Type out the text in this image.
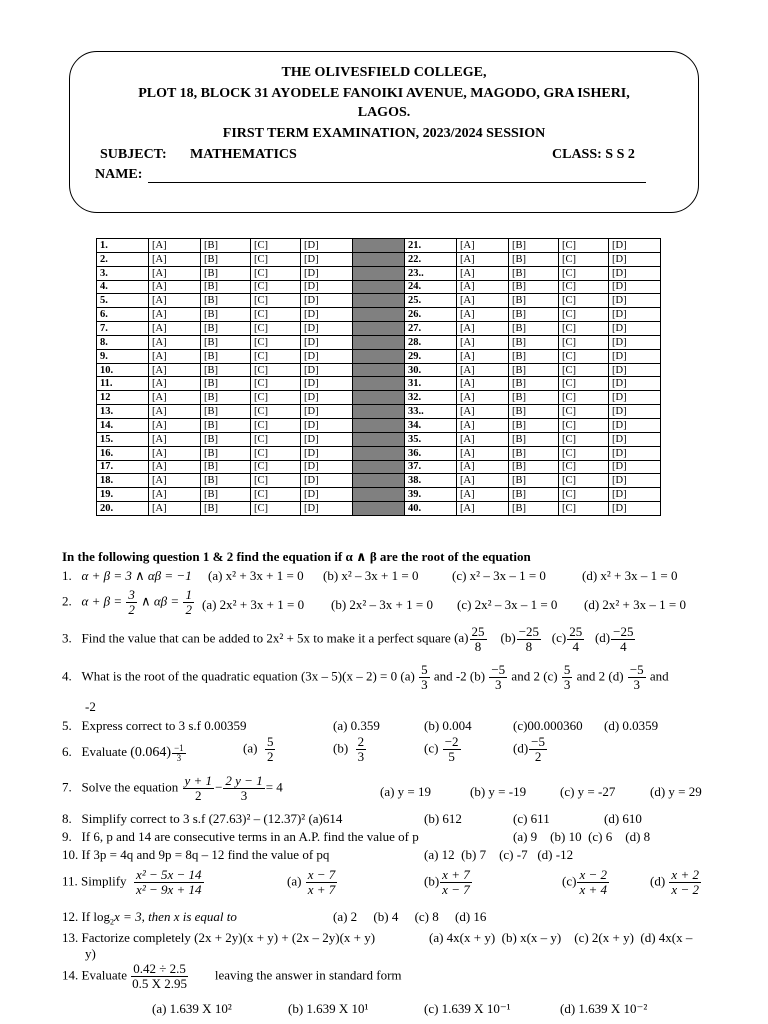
THE OLIVESFIELD COLLEGE,
PLOT 18, BLOCK 31 AYODELE FANOIKI AVENUE, MAGODO, GRA ISHERI,
LAGOS.
FIRST TERM EXAMINATION, 2023/2024 SESSION
SUBJECT: MATHEMATICS	CLASS: S S 2
NAME:
1.	[A]	[B]	[C]	[D]		21.	[A]	[B]	[C]	[D]
2.	[A]	[B]	[C]	[D]		22.	[A]	[B]	[C]	[D]
3.	[A]	[B]	[C]	[D]		23..	[A]	[B]	[C]	[D]
4.	[A]	[B]	[C]	[D]		24.	[A]	[B]	[C]	[D]
5.	[A]	[B]	[C]	[D]		25.	[A]	[B]	[C]	[D]
6.	[A]	[B]	[C]	[D]		26.	[A]	[B]	[C]	[D]
7.	[A]	[B]	[C]	[D]		27.	[A]	[B]	[C]	[D]
8.	[A]	[B]	[C]	[D]		28.	[A]	[B]	[C]	[D]
9.	[A]	[B]	[C]	[D]		29.	[A]	[B]	[C]	[D]
10.	[A]	[B]	[C]	[D]		30.	[A]	[B]	[C]	[D]
11.	[A]	[B]	[C]	[D]		31.	[A]	[B]	[C]	[D]
12	[A]	[B]	[C]	[D]		32.	[A]	[B]	[C]	[D]
13.	[A]	[B]	[C]	[D]		33..	[A]	[B]	[C]	[D]
14.	[A]	[B]	[C]	[D]		34.	[A]	[B]	[C]	[D]
15.	[A]	[B]	[C]	[D]		35.	[A]	[B]	[C]	[D]
16.	[A]	[B]	[C]	[D]		36.	[A]	[B]	[C]	[D]
17.	[A]	[B]	[C]	[D]		37.	[A]	[B]	[C]	[D]
18.	[A]	[B]	[C]	[D]		38.	[A]	[B]	[C]	[D]
19.	[A]	[B]	[C]	[D]		39.	[A]	[B]	[C]	[D]
20.	[A]	[B]	[C]	[D]		40.	[A]	[B]	[C]	[D]
In the following question 1 & 2 find the equation if α ∧ β are the root of the equation
1. α + β = 3 ∧ αβ = −1 (a) x² + 3x + 1 = 0 (b) x² – 3x + 1 = 0	(c) x² – 3x – 1 = 0	(d) x² + 3x – 1 = 0
2. $\alpha + \beta = \frac{3}{2}$ ∧ $\alpha\beta = \frac{1}{2} (a) 2x^2 + 3x + 1 = 0$ (b) 2x² – 3x + 1 = 0 (c) 2x² – 3x – 1 = 0 (d) 2x² + 3x – 1 = 0
3. Find the value that can be added to 2x² + 5x to make it a perfect square $(a) \frac{25}{8} (b) \frac{-25}{8} (c) \frac{25}{4} (d) \frac{-25}{4}$
4. What is the root of the quadratic equation (3x – 5)(x – 2) = 0 $(a) \frac{5}{3}$ and -2 $(b) \frac{-5}{3}$ and 2 $(c) \frac{5}{3}$ and 2 $(d) \frac{-5}{3}$ and
-2
5. Express correct to 3 s.f 0.00359	(a) 0.359	(b) 0.004	(c)00.000360 (d) 0.0359
6. Evaluate $(0.064) \frac{-1}{3}$	$(a) \frac{5}{2}$	$(b) \frac{2}{3}$	$(c) \frac{-2}{5}$	$(d) \frac{-5}{2}$
7. Solve the equation $\frac{y + 1}{2} - \frac{2 y - 1}{3} = 4$	(a) y = 19	(b) y = -19	(c) y = -27	(d) y = 29
8. Simplify correct to 3 s.f (27.63)² – (12.37)² (a)614	(b) 612	(c) 611	(d) 610
9. If 6, p and 14 are consecutive terms in an A.P. find the value of p	(a) 9    (b) 10  (c) 6    (d) 8
10. If 3p = 4q and 9p = 8q – 12 find the value of pq	(a) 12  (b) 7    (c) -7   (d) -12
11. Simplify $\frac{\text{x² − 5x − 14}}{\text{x² − 9x + 14}}$	$(a) \frac{x - 7}{x + 7}$	$(b) \frac{x + 7}{x - 7}$	$(c) \frac{x - 2}{x + 4}$	$(d) \frac{x + 2}{x - 2}$
12. If $\log_2x = 3$, then x is equal to	(a) 2     (b) 4     (c) 8     (d) 16
13. Factorize completely (2x + 2y)(x + y) + (2x – 2y)(x + y)	(a) 4x(x + y)  (b) x(x – y)    (c) 2(x + y)  (d) 4x(x –
y)
14. Evaluate $\frac{0.42 \div 2.5}{0.5 X 2.95}$ leaving the answer in standard form
(a) 1.639 X 10²	(b) 1.639 X 10¹	(c) 1.639 X 10⁻¹	(d) 1.639 X 10⁻²
